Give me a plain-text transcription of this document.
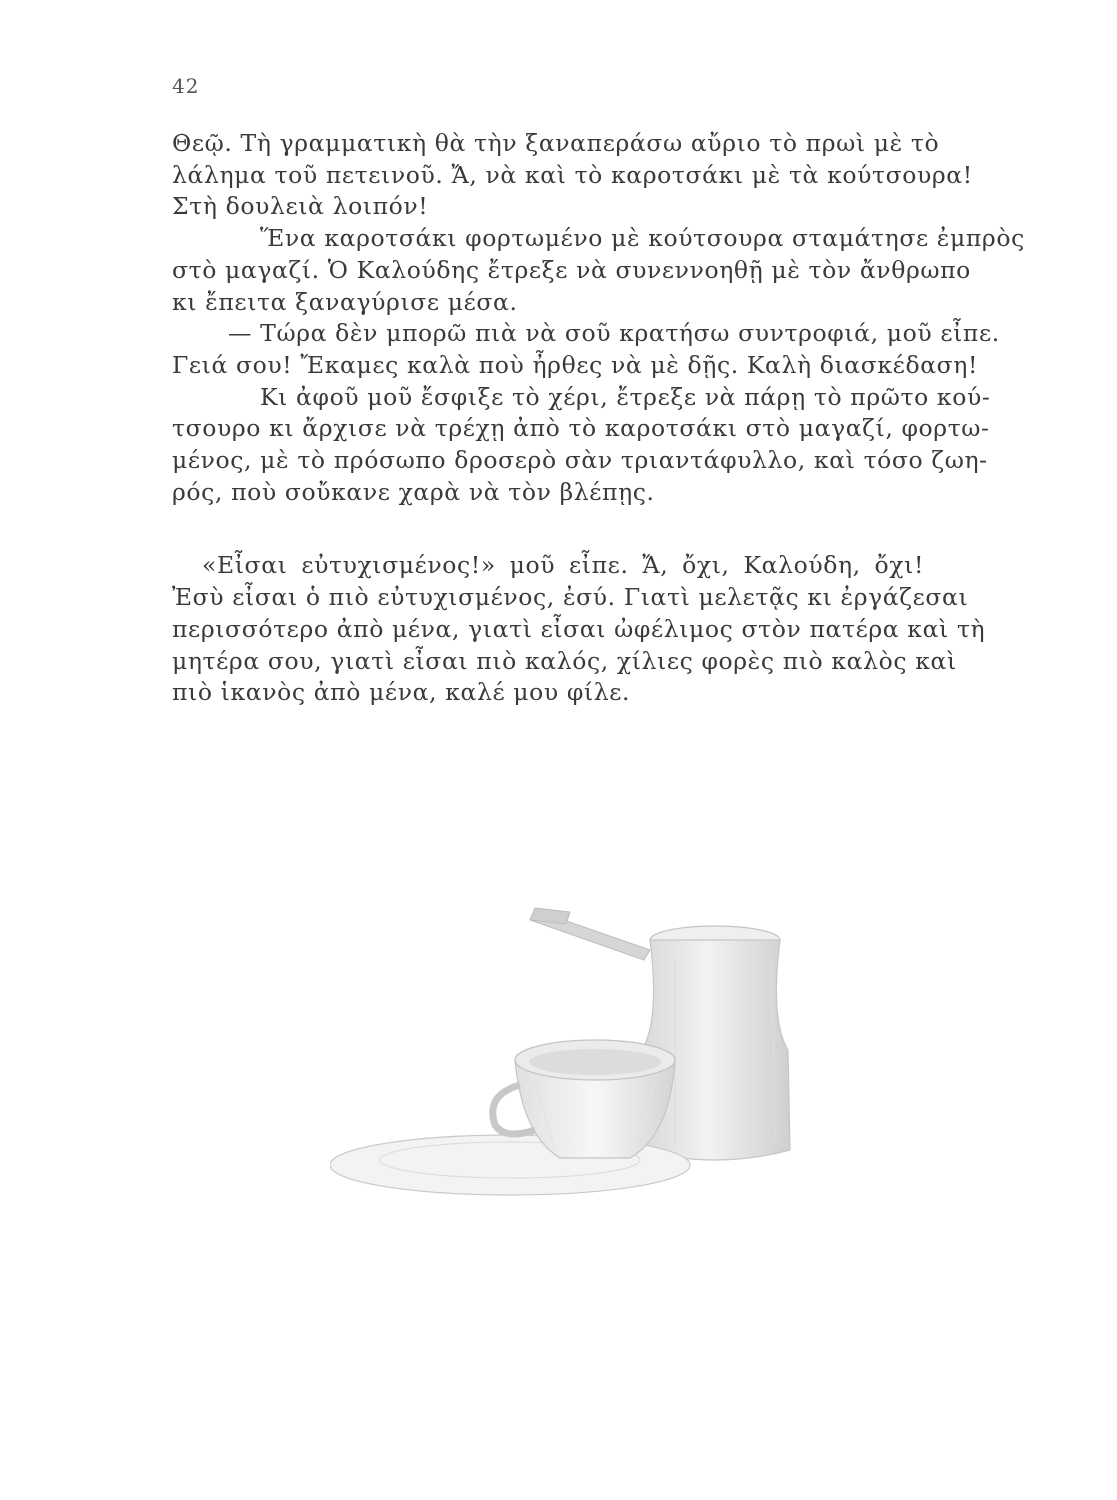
42
Θεῷ. Τὴ γραμματικὴ θὰ τὴν ξαναπεράσω αὔριο τὸ πρωὶ μὲ τὸ
λάλημα τοῦ πετεινοῦ. Ἄ, νὰ καὶ τὸ καροτσάκι μὲ τὰ κούτσουρα!
Στὴ δουλειὰ λοιπόν!
Ἕνα καροτσάκι φορτωμένο μὲ κούτσουρα σταμάτησε ἐμπρὸς
στὸ μαγαζί. Ὁ Καλούδης ἔτρεξε νὰ συνεννοηθῇ μὲ τὸν ἄνθρωπο
κι ἔπειτα ξαναγύρισε μέσα.
— Τώρα δὲν μπορῶ πιὰ νὰ σοῦ κρατήσω συντροφιά, μοῦ εἶπε.
Γειά σου! Ἔκαμες καλὰ ποὺ ἦρθες νὰ μὲ δῇς. Καλὴ διασκέδαση!
Κι ἀφοῦ μοῦ ἔσφιξε τὸ χέρι, ἔτρεξε νὰ πάρῃ τὸ πρῶτο κού-
τσουρο κι ἄρχισε νὰ τρέχῃ ἀπὸ τὸ καροτσάκι στὸ μαγαζί, φορτω-
μένος, μὲ τὸ πρόσωπο δροσερὸ σὰν τριαντάφυλλο, καὶ τόσο ζωη-
ρός, ποὺ σοὔκανε χαρὰ νὰ τὸν βλέπῃς.
«Εἶσαι εὐτυχισμένος!» μοῦ εἶπε. Ἄ, ὄχι, Καλούδη, ὄχι!
Ἐσὺ εἶσαι ὁ πιὸ εὐτυχισμένος, ἐσύ. Γιατὶ μελετᾷς κι ἐργάζεσαι
περισσότερο ἀπὸ μένα, γιατὶ εἶσαι ὠφέλιμος στὸν πατέρα καὶ τὴ
μητέρα σου, γιατὶ εἶσαι πιὸ καλός, χίλιες φορὲς πιὸ καλὸς καὶ
πιὸ ἱκανὸς ἀπὸ μένα, καλέ μου φίλε.
